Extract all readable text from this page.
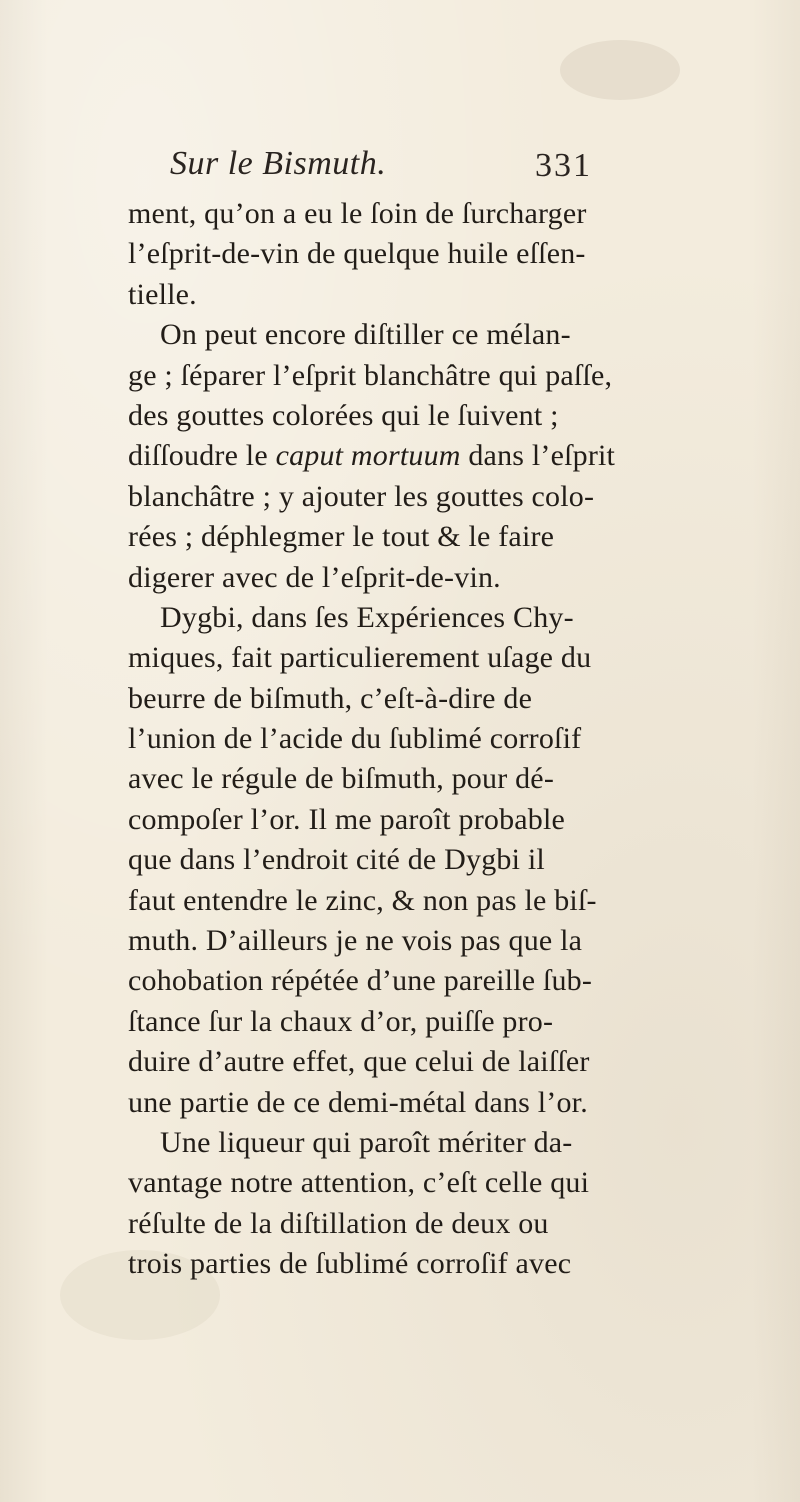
Sur le Bismuth.	331
ment, qu’on a eu le ſoin de ſurcharger
l’eſprit-de-vin de quelque huile eſſen-
tielle.
On peut encore diſtiller ce mélan-
ge ; ſéparer l’eſprit blanchâtre qui paſſe,
des gouttes colorées qui le ſuivent ;
diſſoudre le caput mortuum dans l’eſprit
blanchâtre ; y ajouter les gouttes colo-
rées ; déphlegmer le tout & le faire
digerer avec de l’eſprit-de-vin.
Dygbi, dans ſes Expériences Chy-
miques, fait particulierement uſage du
beurre de biſmuth, c’eſt-à-dire de
l’union de l’acide du ſublimé corroſif
avec le régule de biſmuth, pour dé-
compoſer l’or. Il me paroît probable
que dans l’endroit cité de Dygbi il
faut entendre le zinc, & non pas le biſ-
muth. D’ailleurs je ne vois pas que la
cohobation répétée d’une pareille ſub-
ſtance ſur la chaux d’or, puiſſe pro-
duire d’autre effet, que celui de laiſſer
une partie de ce demi-métal dans l’or.
Une liqueur qui paroît mériter da-
vantage notre attention, c’eſt celle qui
réſulte de la diſtillation de deux ou
trois parties de ſublimé corroſif avec
